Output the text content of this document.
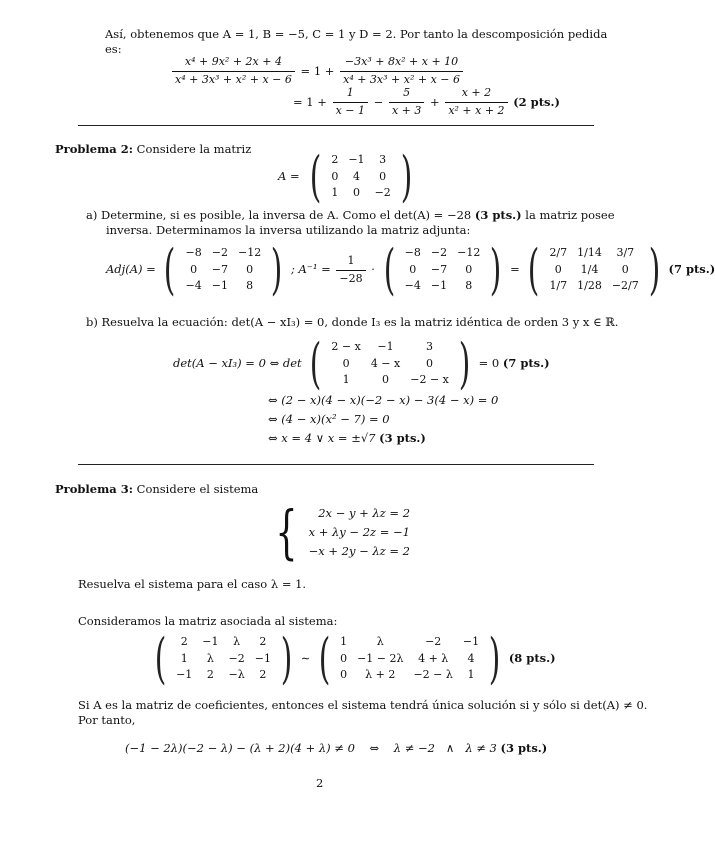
Así, obtenemos que A = 1, B = −5, C = 1 y D = 2. Por tanto la descomposición pedida
es:
$\frac{\text{x⁴ + 9x² + 2x + 4}}{\text{x⁴ + 3x³ + x² + x − 6}} = 1 + \frac{\text{−3x³ + 8x² + x + 10}}{\text{x⁴ + 3x³ + x² + x − 6}}$
= $1 + \frac{1}{x - 1} - \frac{5}{x + 3} + \frac{x + 2}{\text{x² + x + 2}} (2$ pts.)
Problema 2: Considere la matriz
A = ( 2	−1	3
0	4	0
1	0	−2 )
a) Determine, si es posible, la inversa de A. Como el det(A) = −28 (3 pts.) la matriz posee
inversa. Determinamos la inversa utilizando la matriz adjunta:
Adj(A) = ( −8	−2	−12
0	−7	0
−4	−1	8 ) ; $A^{-1} = \frac{1}{-28}$ · ( −8	−2	−12
0	−7	0
−4	−1	8 ) = ( 2/7	1/14	3/7
0	1/4	0
1/7	1/28	−2/7 ) (7 pts.)
b) Resuelva la ecuación: det(A − xI₃) = 0, donde I₃ es la matriz idéntica de orden 3 y x ∈ ℝ.
det(A − xI₃) = 0 ⇔ det ( 2 − x	−1	3
0	4 − x	0
1	0	−2 − x ) = 0 (7 pts.)
⇔ (2 − x)(4 − x)(−2 − x) − 3(4 − x) = 0
⇔ (4 − x)(x² − 7) = 0
⇔ x = 4 ∨ x = ±√7 (3 pts.)
Problema 3: Considere el sistema
{	2x − y + λz = 2
x + λy − 2z = −1
−x + 2y − λz = 2
Resuelva el sistema para el caso λ = 1.
Consideramos la matriz asociada al sistema:
( 2	−1	λ	2
1	λ	−2	−1
−1	2	−λ	2 ) ∼ ( 1	λ	−2	−1
0	−1 − 2λ	4 + λ	4
0	λ + 2	−2 − λ	1 ) (8 pts.)
Si A es la matriz de coeficientes, entonces el sistema tendrá única solución si y sólo si det(A) ≠ 0.
Por tanto,
(−1 − 2λ)(−2 − λ) − (λ + 2)(4 + λ) ≠ 0    ⇔    λ ≠ −2   ∧   λ ≠ 3 (3 pts.)
2
